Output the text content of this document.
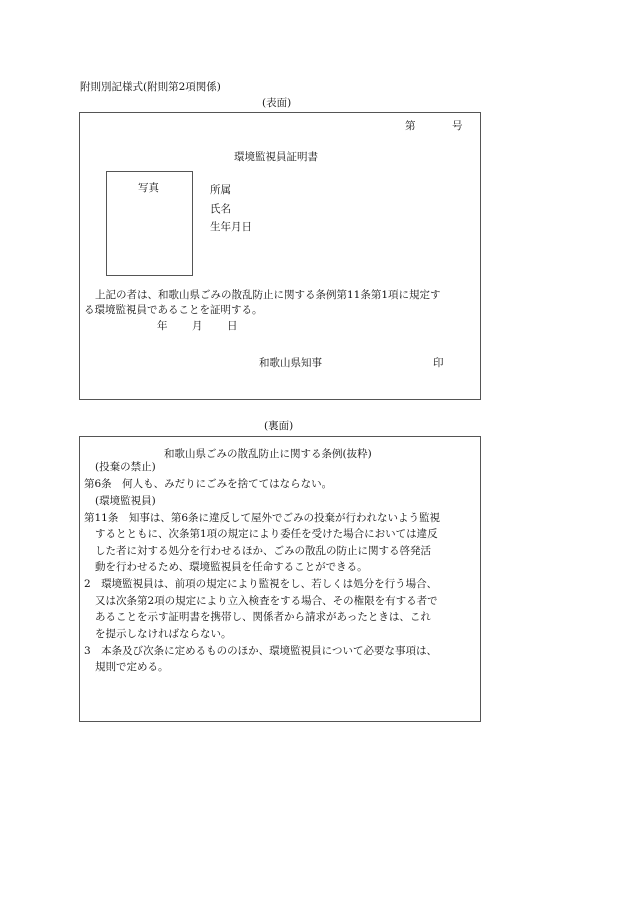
附則別記様式(附則第2項関係)
(表面)
第	号
環境監視員証明書
写真	所属
氏名
生年月日
上記の者は、和歌山県ごみの散乱防止に関する条例第11条第1項に規定す
る環境監視員であることを証明する。
年 月 日
和歌山県知事	印
(裏面)
和歌山県ごみの散乱防止に関する条例(抜粋)
(投棄の禁止)
第6条　何人も、みだりにごみを捨ててはならない。
(環境監視員)
第11条　知事は、第6条に違反して屋外でごみの投棄が行われないよう監視
するとともに、次条第1項の規定により委任を受けた場合においては違反
した者に対する処分を行わせるほか、ごみの散乱の防止に関する啓発活
動を行わせるため、環境監視員を任命することができる。
2　環境監視員は、前項の規定により監視をし、若しくは処分を行う場合、
又は次条第2項の規定により立入検査をする場合、その権限を有する者で
あることを示す証明書を携帯し、関係者から請求があったときは、これ
を提示しなければならない。
3　本条及び次条に定めるもののほか、環境監視員について必要な事項は、
規則で定める。
